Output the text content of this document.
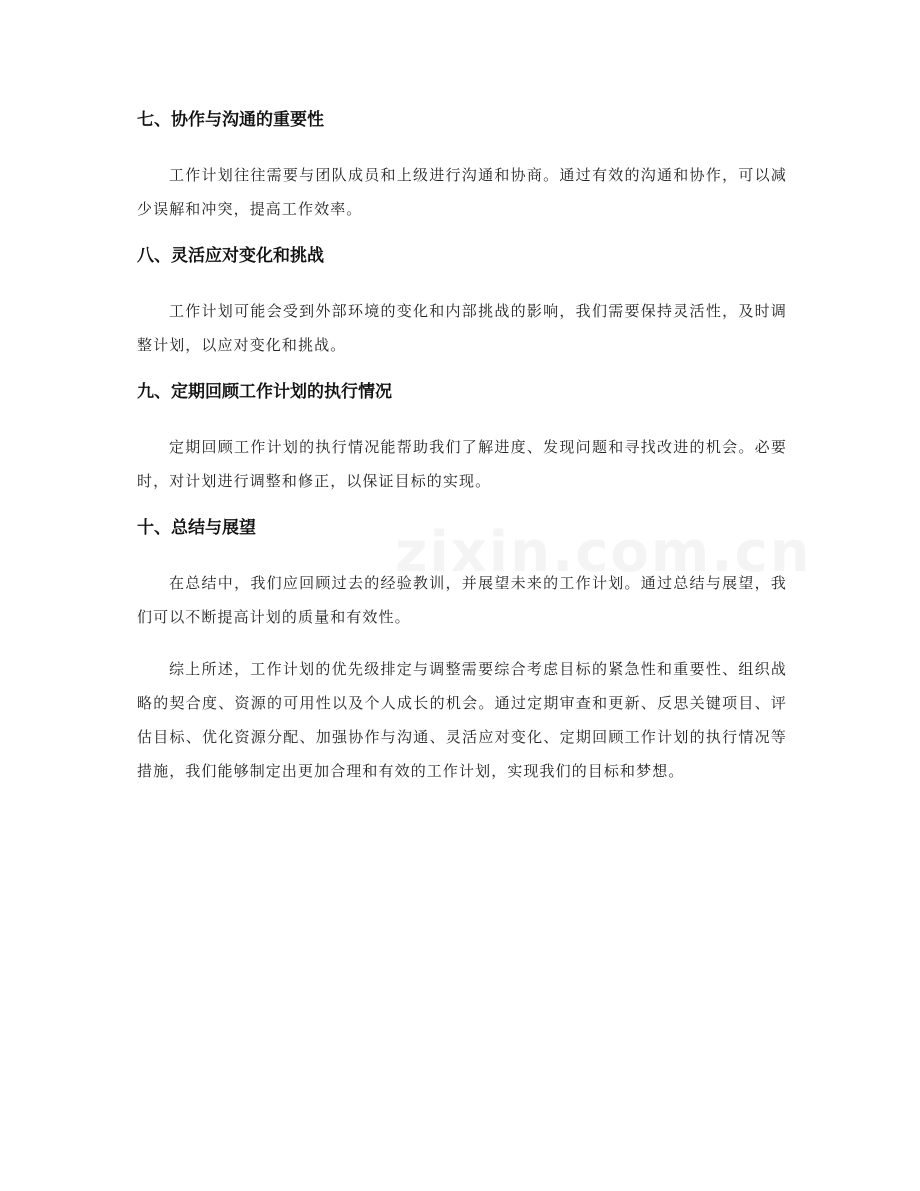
七、协作与沟通的重要性

工作计划往往需要与团队成员和上级进行沟通和协商。通过有效的沟通和协作，可以减少误解和冲突，提高工作效率。

八、灵活应对变化和挑战

工作计划可能会受到外部环境的变化和内部挑战的影响，我们需要保持灵活性，及时调整计划，以应对变化和挑战。

九、定期回顾工作计划的执行情况

定期回顾工作计划的执行情况能帮助我们了解进度、发现问题和寻找改进的机会。必要时，对计划进行调整和修正，以保证目标的实现。

十、总结与展望

在总结中，我们应回顾过去的经验教训，并展望未来的工作计划。通过总结与展望，我们可以不断提高计划的质量和有效性。

综上所述，工作计划的优先级排定与调整需要综合考虑目标的紧急性和重要性、组织战略的契合度、资源的可用性以及个人成长的机会。通过定期审查和更新、反思关键项目、评估目标、优化资源分配、加强协作与沟通、灵活应对变化、定期回顾工作计划的执行情况等措施，我们能够制定出更加合理和有效的工作计划，实现我们的目标和梦想。
